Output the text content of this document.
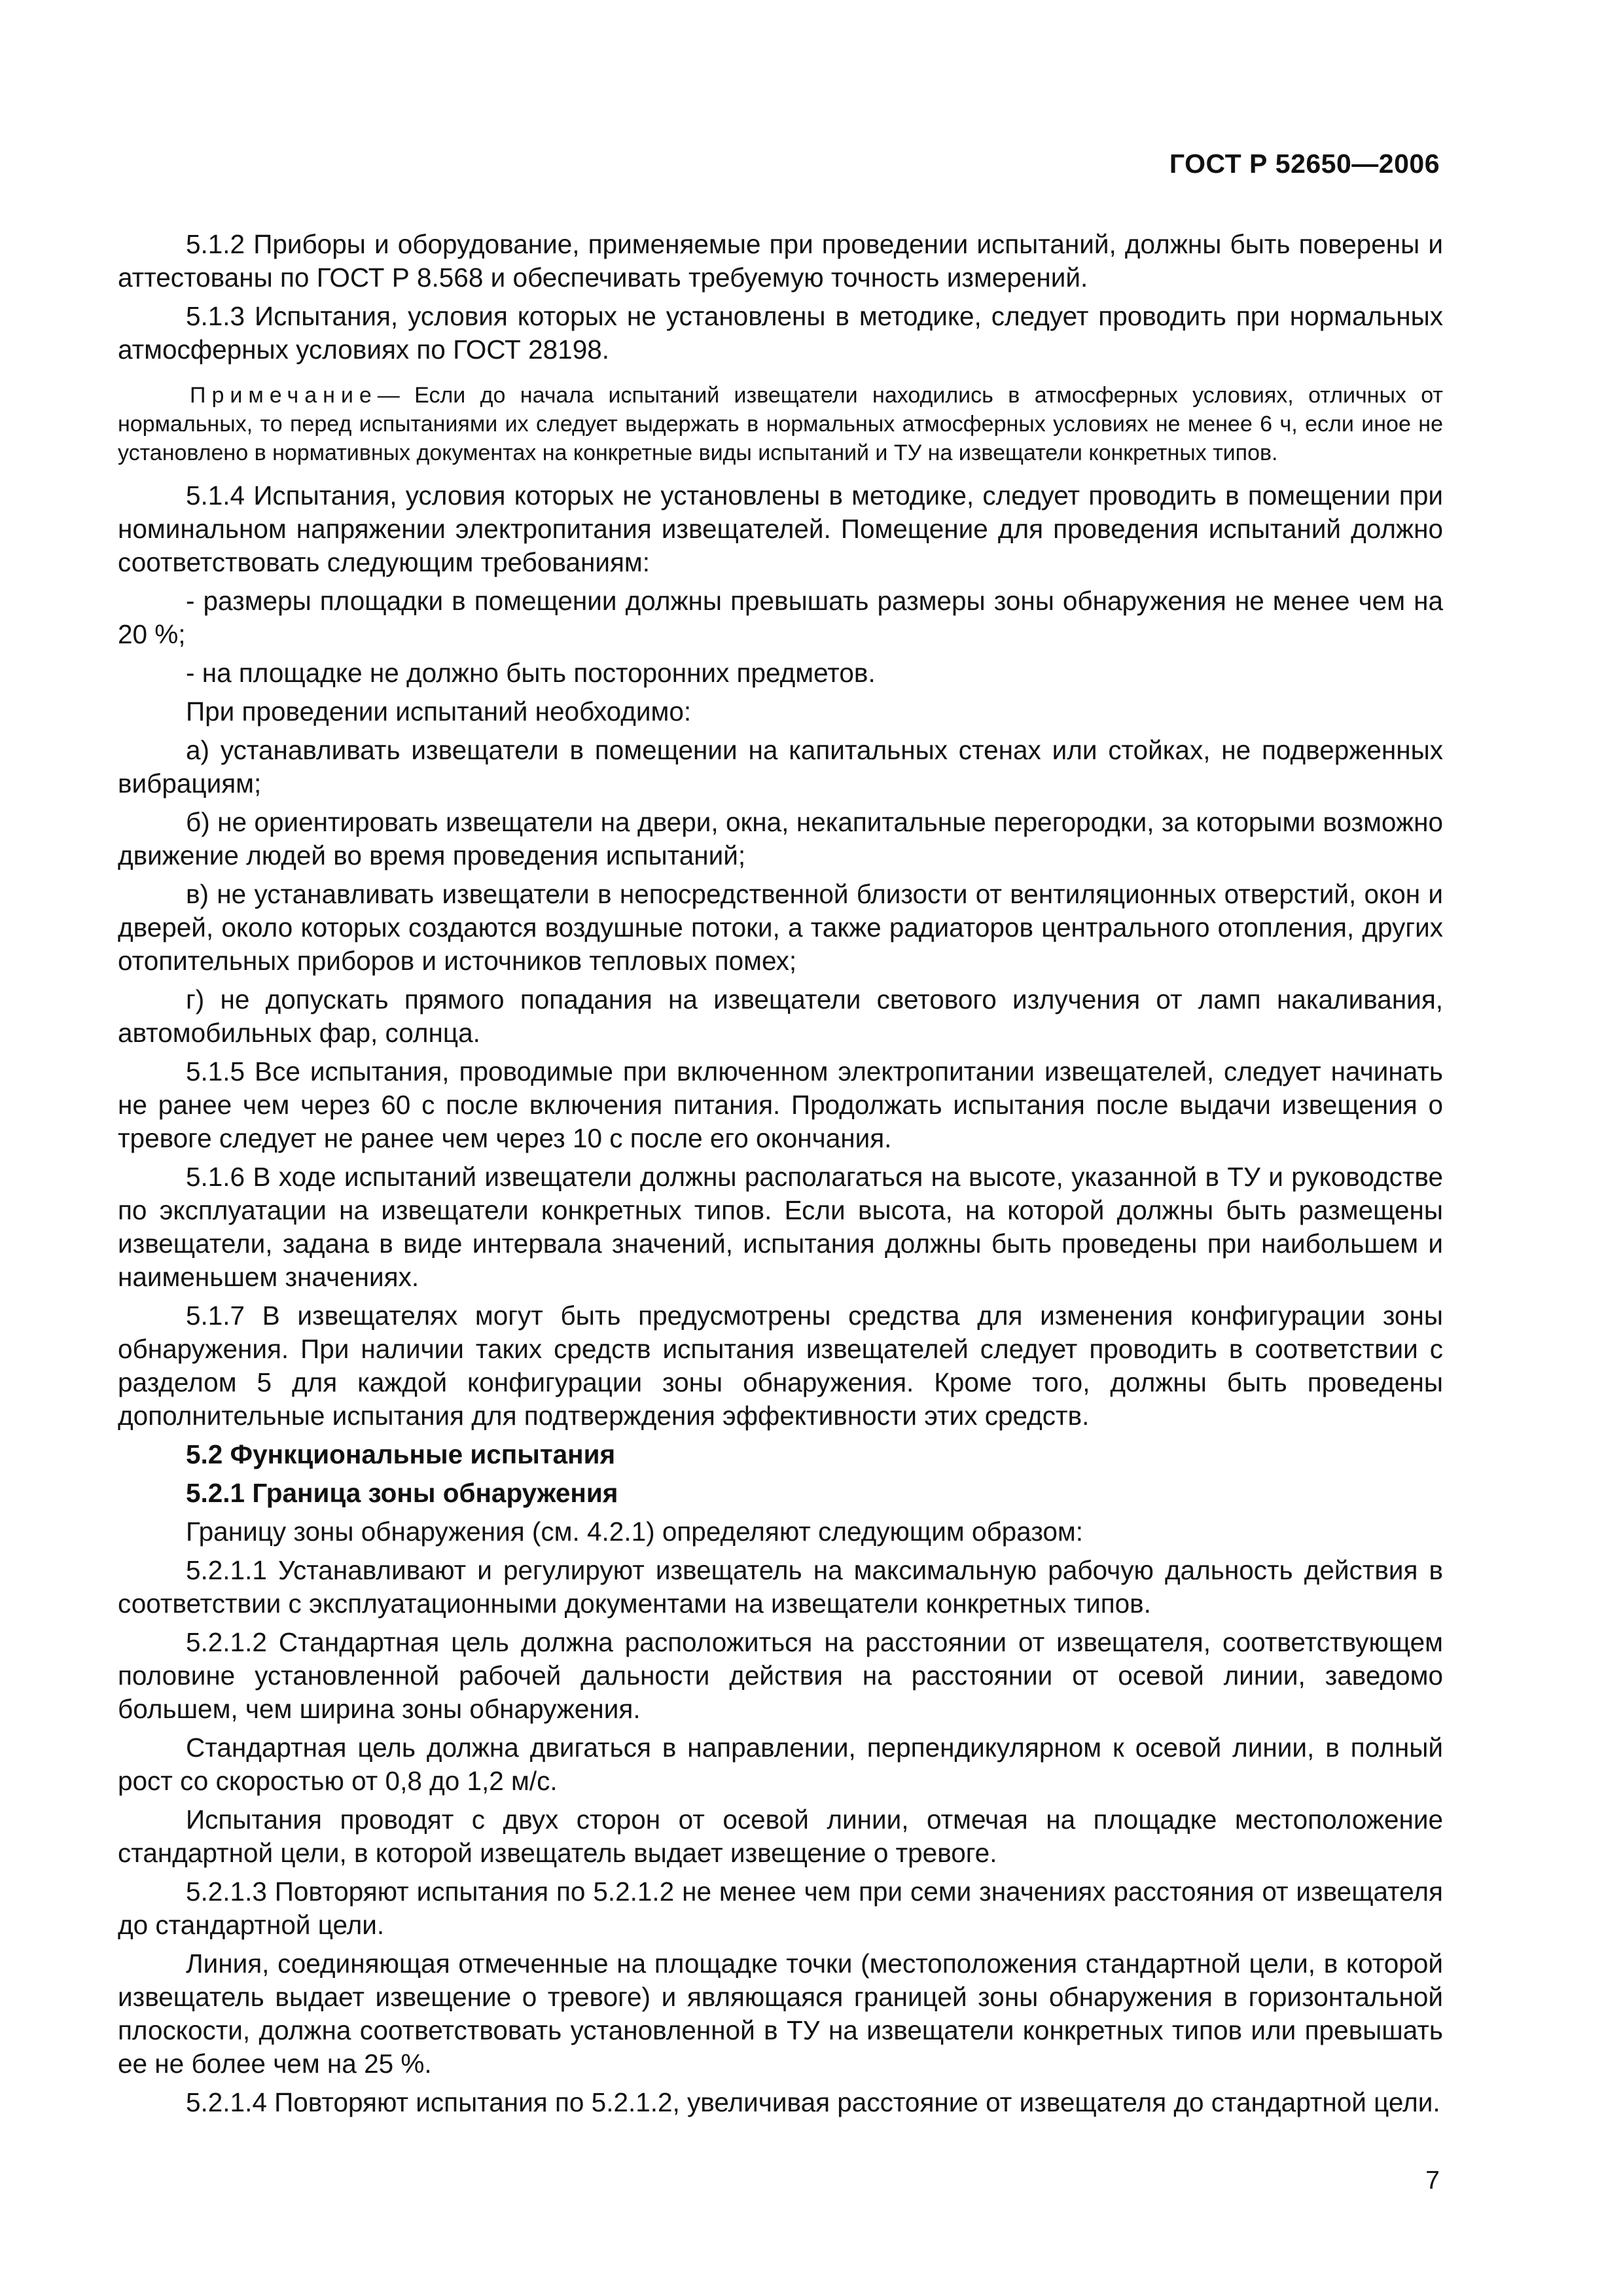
ГОСТ Р 52650—2006

5.1.2 Приборы и оборудование, применяемые при проведении испытаний, должны быть поверены и аттестованы по ГОСТ Р 8.568 и обеспечивать требуемую точность измерений.

5.1.3 Испытания, условия которых не установлены в методике, следует проводить при нормальных атмосферных условиях по ГОСТ 28198.

Примечание— Если до начала испытаний извещатели находились в атмосферных условиях, отличных от нормальных, то перед испытаниями их следует выдержать в нормальных атмосферных условиях не менее 6 ч, если иное не установлено в нормативных документах на конкретные виды испытаний и ТУ на извещатели конкретных типов.

5.1.4 Испытания, условия которых не установлены в методике, следует проводить в помещении при номинальном напряжении электропитания извещателей. Помещение для проведения испытаний должно соответствовать следующим требованиям:

- размеры площадки в помещении должны превышать размеры зоны обнаружения не менее чем на 20 %;

- на площадке не должно быть посторонних предметов.

При проведении испытаний необходимо:

а) устанавливать извещатели в помещении на капитальных стенах или стойках, не подверженных вибрациям;

б) не ориентировать извещатели на двери, окна, некапитальные перегородки, за которыми возможно движение людей во время проведения испытаний;

в) не устанавливать извещатели в непосредственной близости от вентиляционных отверстий, окон и дверей, около которых создаются воздушные потоки, а также радиаторов центрального отопления, других отопительных приборов и источников тепловых помех;

г) не допускать прямого попадания на извещатели светового излучения от ламп накаливания, автомобильных фар, солнца.

5.1.5 Все испытания, проводимые при включенном электропитании извещателей, следует начинать не ранее чем через 60 с после включения питания. Продолжать испытания после выдачи извещения о тревоге следует не ранее чем через 10 с после его окончания.

5.1.6 В ходе испытаний извещатели должны располагаться на высоте, указанной в ТУ и руководстве по эксплуатации на извещатели конкретных типов. Если высота, на которой должны быть размещены извещатели, задана в виде интервала значений, испытания должны быть проведены при наибольшем и наименьшем значениях.

5.1.7 В извещателях могут быть предусмотрены средства для изменения конфигурации зоны обнаружения. При наличии таких средств испытания извещателей следует проводить в соответствии с разделом 5 для каждой конфигурации зоны обнаружения. Кроме того, должны быть проведены дополнительные испытания для подтверждения эффективности этих средств.

5.2 Функциональные испытания
5.2.1 Граница зоны обнаружения

Границу зоны обнаружения (см. 4.2.1) определяют следующим образом:

5.2.1.1 Устанавливают и регулируют извещатель на максимальную рабочую дальность действия в соответствии с эксплуатационными документами на извещатели конкретных типов.

5.2.1.2 Стандартная цель должна расположиться на расстоянии от извещателя, соответствующем половине установленной рабочей дальности действия на расстоянии от осевой линии, заведомо большем, чем ширина зоны обнаружения.

Стандартная цель должна двигаться в направлении, перпендикулярном к осевой линии, в полный рост со скоростью от 0,8 до 1,2 м/с.

Испытания проводят с двух сторон от осевой линии, отмечая на площадке местоположение стандартной цели, в которой извещатель выдает извещение о тревоге.

5.2.1.3 Повторяют испытания по 5.2.1.2 не менее чем при семи значениях расстояния от извещателя до стандартной цели.

Линия, соединяющая отмеченные на площадке точки (местоположения стандартной цели, в которой извещатель выдает извещение о тревоге) и являющаяся границей зоны обнаружения в горизонтальной плоскости, должна соответствовать установленной в ТУ на извещатели конкретных типов или превышать ее не более чем на 25 %.

5.2.1.4 Повторяют испытания по 5.2.1.2, увеличивая расстояние от извещателя до стандартной цели.

7
